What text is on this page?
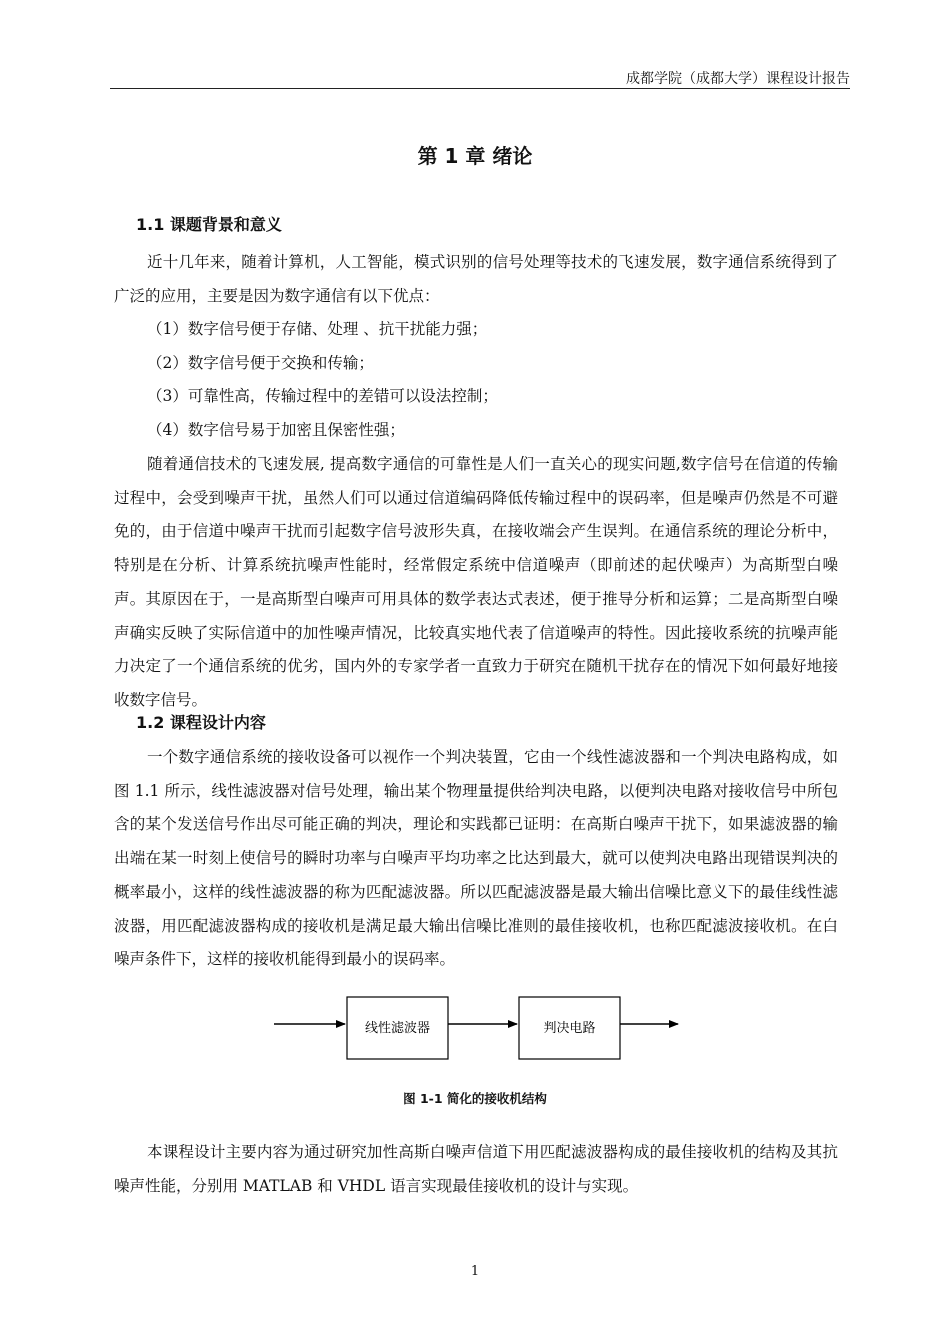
成都学院（成都大学）课程设计报告
第 1 章 绪论
1.1 课题背景和意义

近十几年来，随着计算机，人工智能，模式识别的信号处理等技术的飞速发展，数字通信系统得到了广泛的应用，主要是因为数字通信有以下优点：

（1）数字信号便于存储、处理 、抗干扰能力强；
（2）数字信号便于交换和传输；
（3）可靠性高，传输过程中的差错可以设法控制；
（4）数字信号易于加密且保密性强；

随着通信技术的飞速发展, 提高数字通信的可靠性是人们一直关心的现实问题,数字信号在信道的传输过程中，会受到噪声干扰，虽然人们可以通过信道编码降低传输过程中的误码率，但是噪声仍然是不可避免的，由于信道中噪声干扰而引起数字信号波形失真，在接收端会产生误判。在通信系统的理论分析中，特别是在分析、计算系统抗噪声性能时，经常假定系统中信道噪声（即前述的起伏噪声）为高斯型白噪声。其原因在于，一是高斯型白噪声可用具体的数学表达式表述，便于推导分析和运算；二是高斯型白噪声确实反映了实际信道中的加性噪声情况，比较真实地代表了信道噪声的特性。因此接收系统的抗噪声能力决定了一个通信系统的优劣，国内外的专家学者一直致力于研究在随机干扰存在的情况下如何最好地接收数字信号。

1.2 课程设计内容

一个数字通信系统的接收设备可以视作一个判决装置，它由一个线性滤波器和一个判决电路构成，如图 1.1 所示，线性滤波器对信号处理，输出某个物理量提供给判决电路，以便判决电路对接收信号中所包含的某个发送信号作出尽可能正确的判决，理论和实践都已证明：在高斯白噪声干扰下，如果滤波器的输出端在某一时刻上使信号的瞬时功率与白噪声平均功率之比达到最大，就可以使判决电路出现错误判决的概率最小，这样的线性滤波器的称为匹配滤波器。所以匹配滤波器是最大输出信噪比意义下的最佳线性滤波器，用匹配滤波器构成的接收机是满足最大输出信噪比准则的最佳接收机，也称匹配滤波接收机。在白噪声条件下，这样的接收机能得到最小的误码率。

线性滤波器	判决电路
图 1-1 简化的接收机结构

本课程设计主要内容为通过研究加性高斯白噪声信道下用匹配滤波器构成的最佳接收机的结构及其抗噪声性能，分别用 MATLAB 和 VHDL 语言实现最佳接收机的设计与实现。

1
